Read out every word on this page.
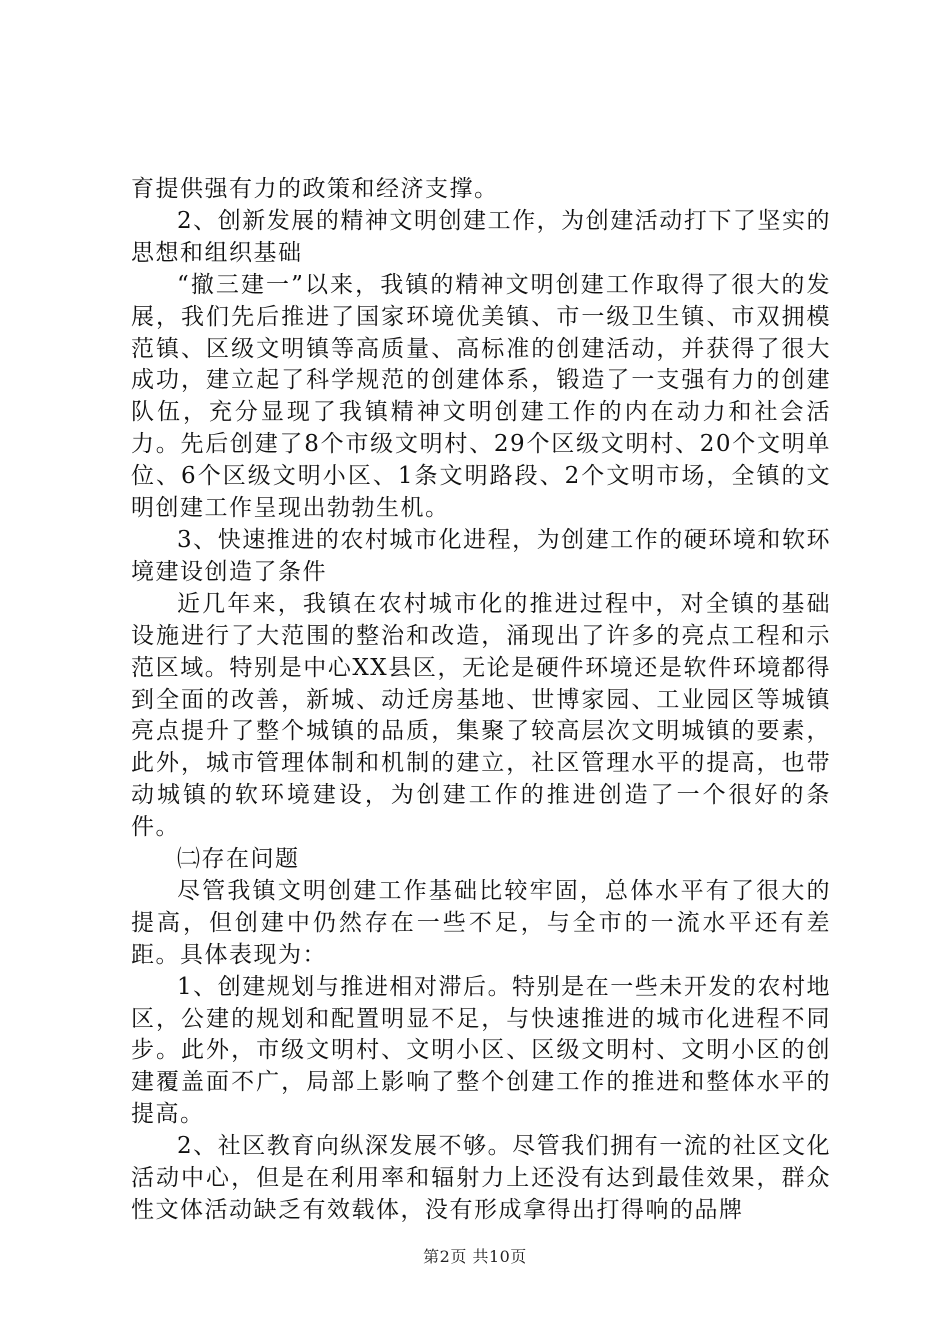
育提供强有力的政策和经济支撑。

2、创新发展的精神文明创建工作，为创建活动打下了坚实的思想和组织基础

“撤三建一”以来，我镇的精神文明创建工作取得了很大的发展，我们先后推进了国家环境优美镇、市一级卫生镇、市双拥模范镇、区级文明镇等高质量、高标准的创建活动，并获得了很大成功，建立起了科学规范的创建体系，锻造了一支强有力的创建队伍，充分显现了我镇精神文明创建工作的内在动力和社会活力。先后创建了8个市级文明村、29个区级文明村、20个文明单位、6个区级文明小区、1条文明路段、2个文明市场，全镇的文明创建工作呈现出勃勃生机。

3、快速推进的农村城市化进程，为创建工作的硬环境和软环境建设创造了条件

近几年来，我镇在农村城市化的推进过程中，对全镇的基础设施进行了大范围的整治和改造，涌现出了许多的亮点工程和示范区域。特别是中心XX县区，无论是硬件环境还是软件环境都得到全面的改善，新城、动迁房基地、世博家园、工业园区等城镇亮点提升了整个城镇的品质，集聚了较高层次文明城镇的要素，此外，城市管理体制和机制的建立，社区管理水平的提高，也带动城镇的软环境建设，为创建工作的推进创造了一个很好的条件。

㈡存在问题

尽管我镇文明创建工作基础比较牢固，总体水平有了很大的提高，但创建中仍然存在一些不足，与全市的一流水平还有差距。具体表现为：

1、创建规划与推进相对滞后。特别是在一些未开发的农村地区，公建的规划和配置明显不足，与快速推进的城市化进程不同步。此外，市级文明村、文明小区、区级文明村、文明小区的创建覆盖面不广，局部上影响了整个创建工作的推进和整体水平的提高。

2、社区教育向纵深发展不够。尽管我们拥有一流的社区文化活动中心，但是在利用率和辐射力上还没有达到最佳效果，群众性文体活动缺乏有效载体，没有形成拿得出打得响的品牌

第2页 共10页
